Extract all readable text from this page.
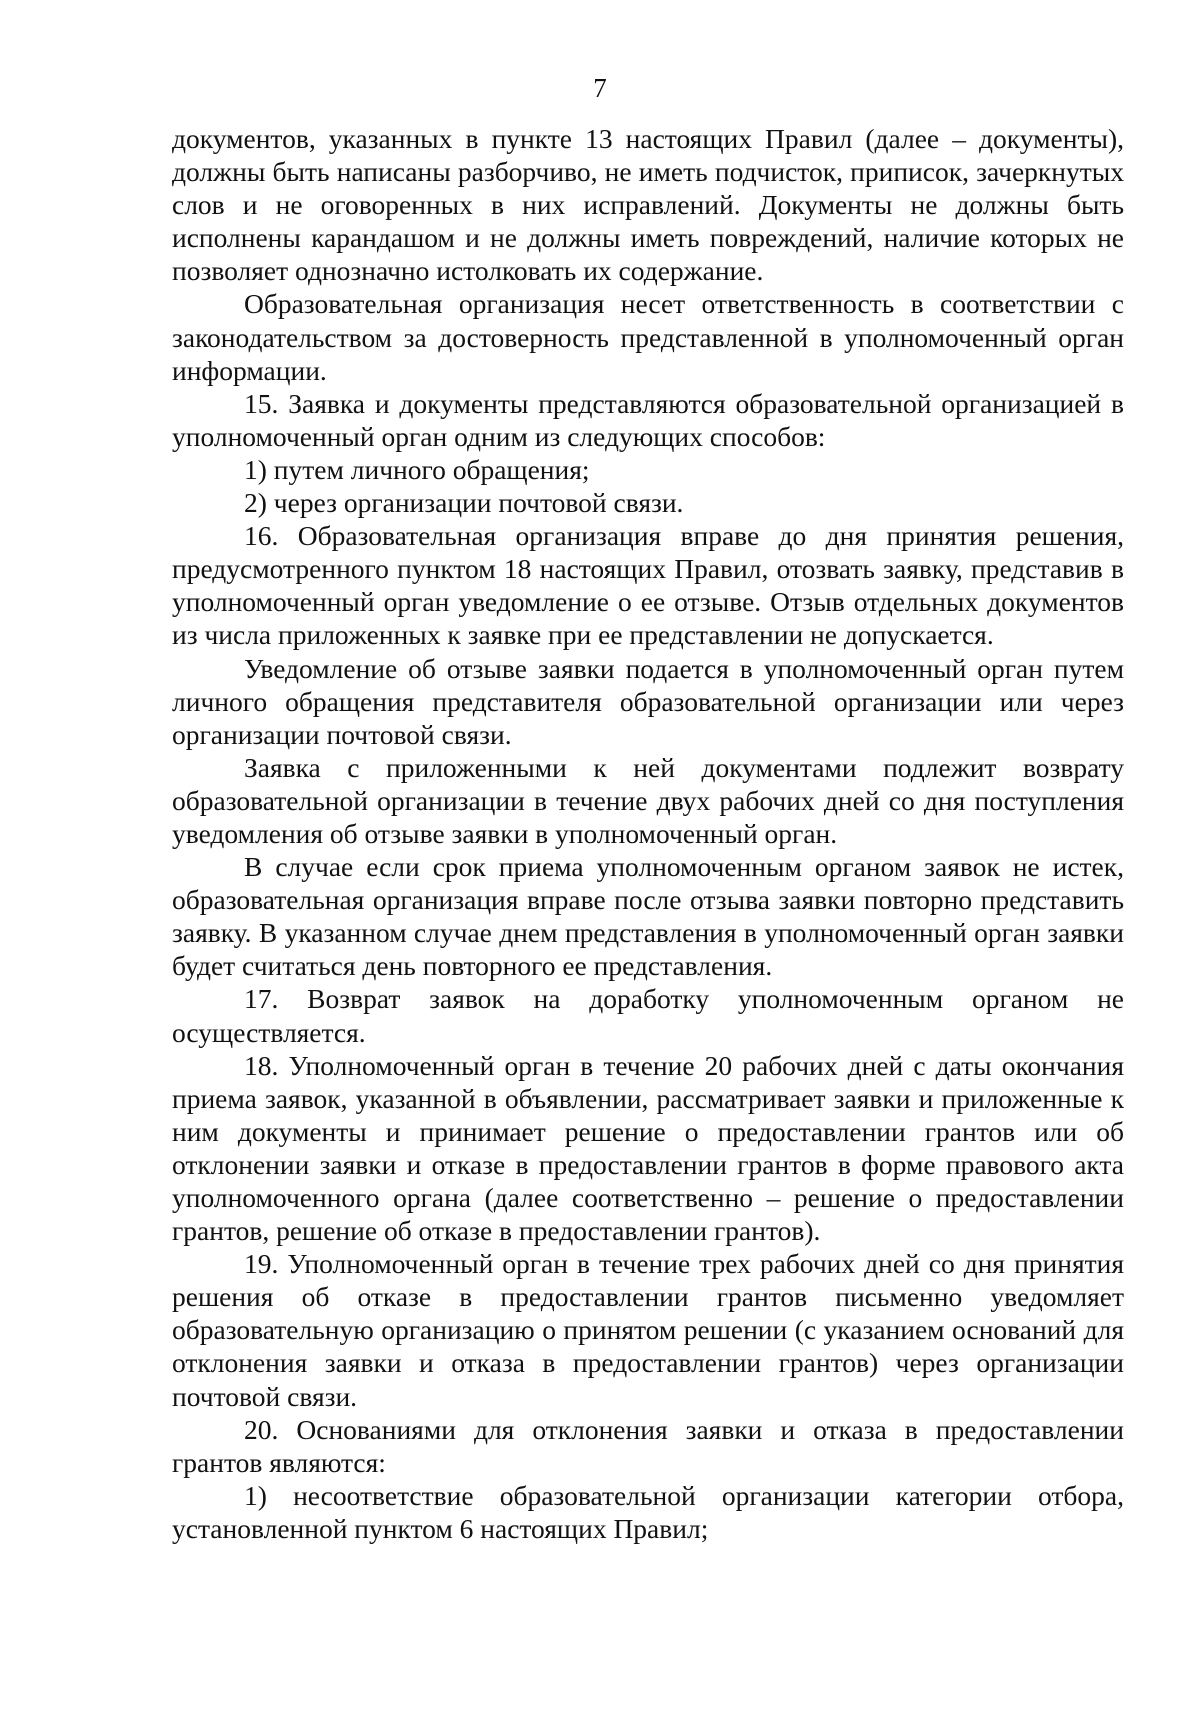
7

документов, указанных в пункте 13 настоящих Правил (далее – документы), должны быть написаны разборчиво, не иметь подчисток, приписок, зачеркнутых слов и не оговоренных в них исправлений. Документы не должны быть исполнены карандашом и не должны иметь повреждений, наличие которых не позволяет однозначно истолковать их содержание.

Образовательная организация несет ответственность в соответствии с законодательством за достоверность представленной в уполномоченный орган информации.

15. Заявка и документы представляются образовательной организацией в уполномоченный орган одним из следующих способов:

1) путем личного обращения;

2) через организации почтовой связи.

16. Образовательная организация вправе до дня принятия решения, предусмотренного пунктом 18 настоящих Правил, отозвать заявку, представив в уполномоченный орган уведомление о ее отзыве. Отзыв отдельных документов из числа приложенных к заявке при ее представлении не допускается.

Уведомление об отзыве заявки подается в уполномоченный орган путем личного обращения представителя образовательной организации или через организации почтовой связи.

Заявка с приложенными к ней документами подлежит возврату образовательной организации в течение двух рабочих дней со дня поступления уведомления об отзыве заявки в уполномоченный орган.

В случае если срок приема уполномоченным органом заявок не истек, образовательная организация вправе после отзыва заявки повторно представить заявку. В указанном случае днем представления в уполномоченный орган заявки будет считаться день повторного ее представления.

17. Возврат заявок на доработку уполномоченным органом не осуществляется.

18. Уполномоченный орган в течение 20 рабочих дней с даты окончания приема заявок, указанной в объявлении, рассматривает заявки и приложенные к ним документы и принимает решение о предоставлении грантов или об отклонении заявки и отказе в предоставлении грантов в форме правового акта уполномоченного органа (далее соответственно – решение о предоставлении грантов, решение об отказе в предоставлении грантов).

19. Уполномоченный орган в течение трех рабочих дней со дня принятия решения об отказе в предоставлении грантов письменно уведомляет образовательную организацию о принятом решении (с указанием оснований для отклонения заявки и отказа в предоставлении грантов) через организации почтовой связи.

20. Основаниями для отклонения заявки и отказа в предоставлении грантов являются:

1) несоответствие образовательной организации категории отбора, установленной пунктом 6 настоящих Правил;
